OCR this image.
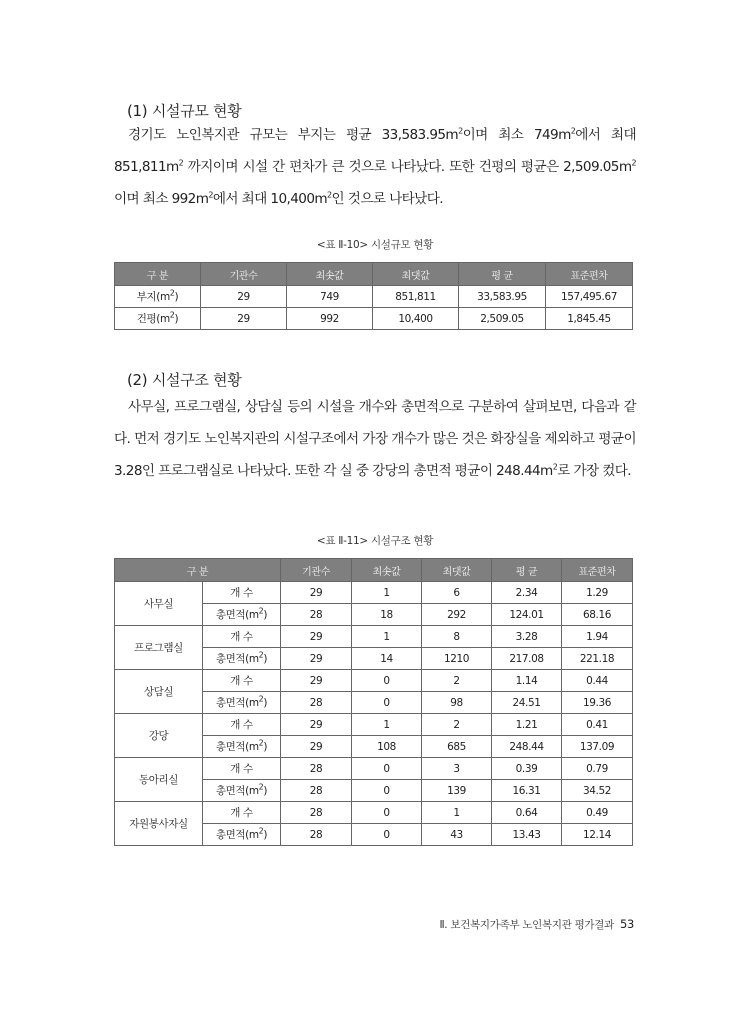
(1) 시설규모 현황
경기도 노인복지관 규모는 부지는 평균 $33,583.95m^2$이며 최소 $749m^2$에서 최대 $851,811m^2$ 까지이며 시설 간 편차가 큰 것으로 나타났다. 또한 건평의 평균은 $2,509.05m^2$이며 최소 $992m^2$에서 최대 $10,400m^2$인 것으로 나타났다.
<표 Ⅱ-10> 시설규모 현황
구 분	기관수	최솟값	최댓값	평 균	표준편차
부지$(m^2)$	29	749	851,811	33,583.95	157,495.67
건평$(m^2)$	29	992	10,400	2,509.05	1,845.45
(2) 시설구조 현황
사무실, 프로그램실, 상담실 등의 시설을 개수와 총면적으로 구분하여 살펴보면, 다음과 같다. 먼저 경기도 노인복지관의 시설구조에서 가장 개수가 많은 것은 화장실을 제외하고 평균이 3.28인 프로그램실로 나타났다. 또한 각 실 중 강당의 총면적 평균이 $248.44m^2$로 가장 컸다.
<표 Ⅱ-11> 시설구조 현황
구 분		기관수	최솟값	최댓값	평 균	표준편차
사무실	개 수	29	1	6	2.34	1.29
	총면적$(m^2)$	28	18	292	124.01	68.16
프로그램실	개 수	29	1	8	3.28	1.94
	총면적$(m^2)$	29	14	1210	217.08	221.18
상담실	개 수	29	0	2	1.14	0.44
	총면적$(m^2)$	28	0	98	24.51	19.36
강당	개 수	29	1	2	1.21	0.41
	총면적$(m^2)$	29	108	685	248.44	137.09
동아리실	개 수	28	0	3	0.39	0.79
	총면적$(m^2)$	28	0	139	16.31	34.52
자원봉사자실	개 수	28	0	1	0.64	0.49
	총면적$(m^2)$	28	0	43	13.43	12.14
Ⅱ. 보건복지가족부 노인복지관 평가결과 53
